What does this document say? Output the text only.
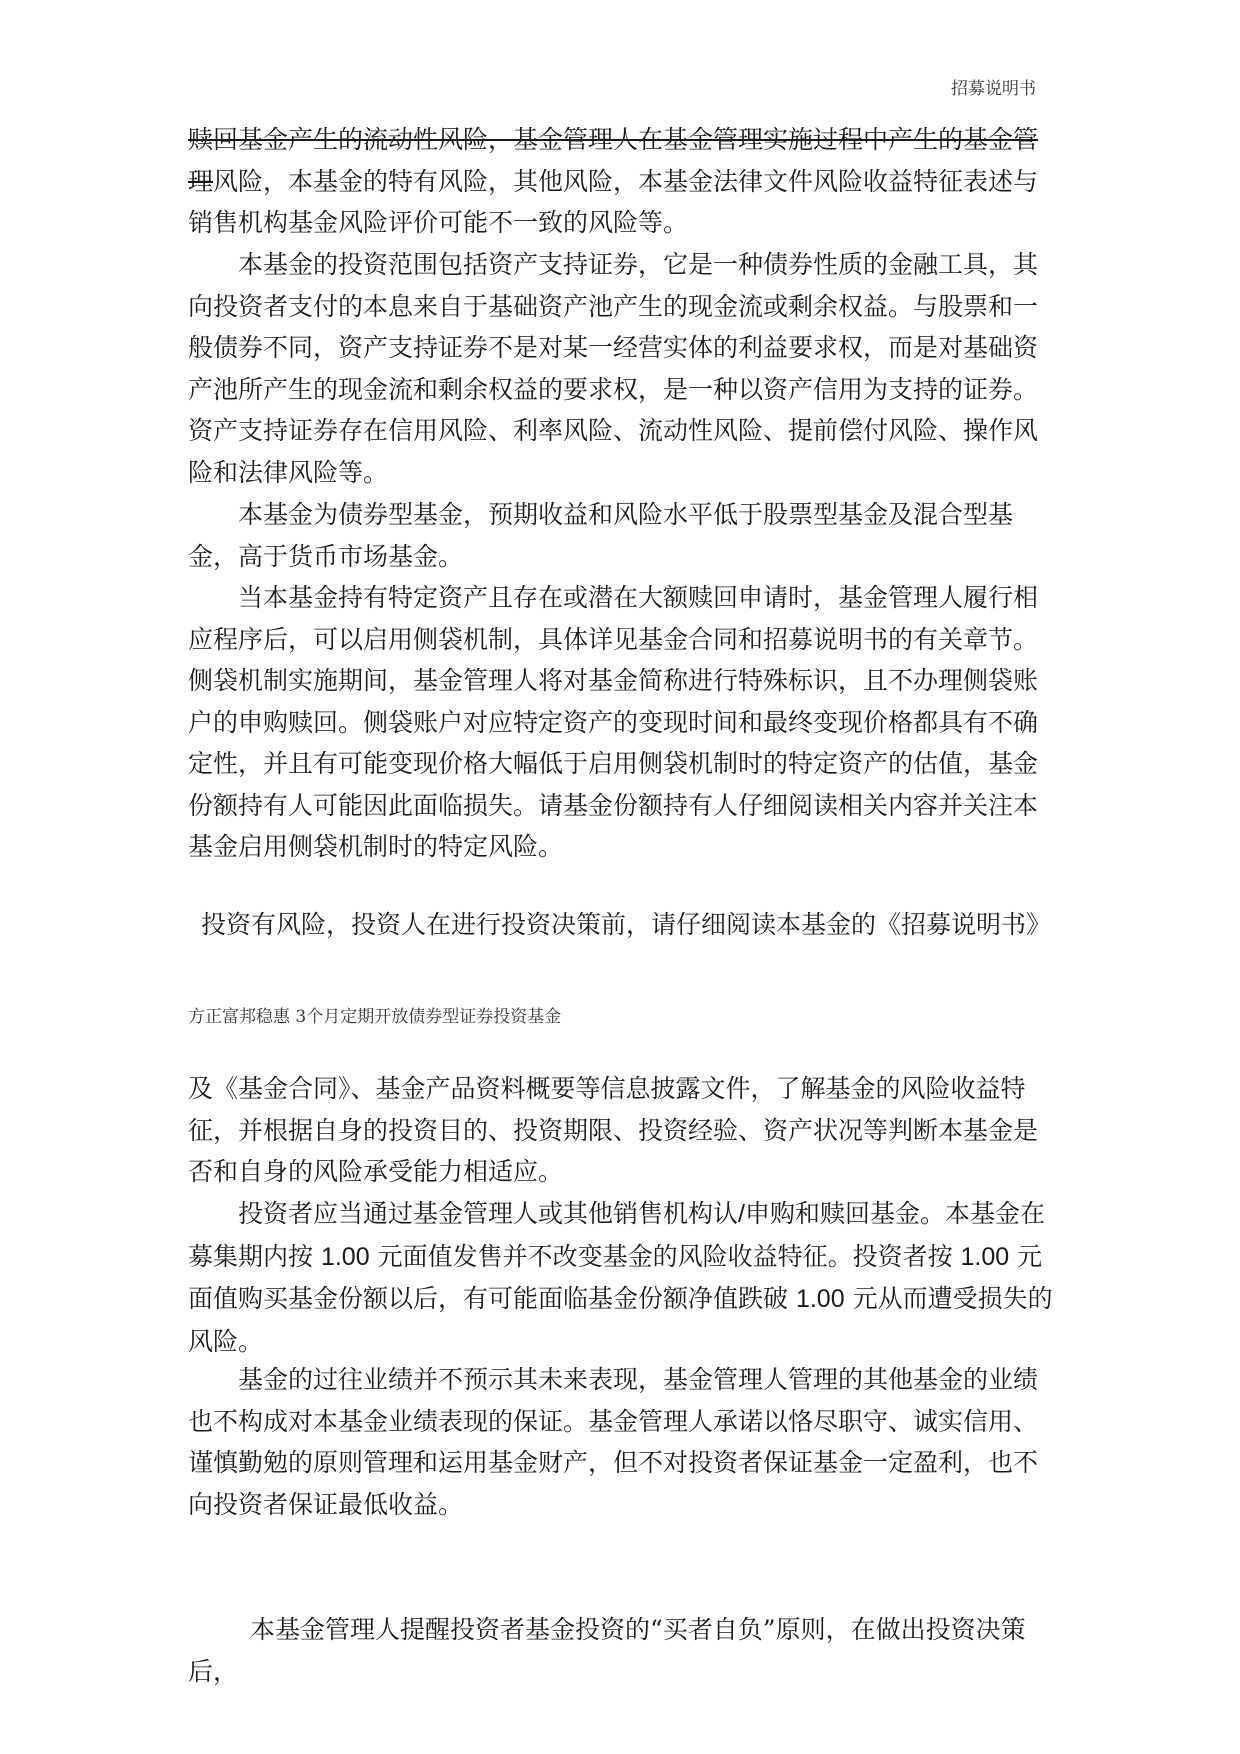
招募说明书

赎回基金产生的流动性风险，基金管理人在基金管理实施过程中产生的基金管理风险，本基金的特有风险，其他风险，本基金法律文件风险收益特征表述与销售机构基金风险评价可能不一致的风险等。

本基金的投资范围包括资产支持证券，它是一种债券性质的金融工具，其向投资者支付的本息来自于基础资产池产生的现金流或剩余权益。与股票和一般债券不同，资产支持证券不是对某一经营实体的利益要求权，而是对基础资产池所产生的现金流和剩余权益的要求权，是一种以资产信用为支持的证券。资产支持证券存在信用风险、利率风险、流动性风险、提前偿付风险、操作风险和法律风险等。

本基金为债券型基金，预期收益和风险水平低于股票型基金及混合型基金，高于货币市场基金。

当本基金持有特定资产且存在或潜在大额赎回申请时，基金管理人履行相应程序后，可以启用侧袋机制，具体详见基金合同和招募说明书的有关章节。侧袋机制实施期间，基金管理人将对基金简称进行特殊标识，且不办理侧袋账户的申购赎回。侧袋账户对应特定资产的变现时间和最终变现价格都具有不确定性，并且有可能变现价格大幅低于启用侧袋机制时的特定资产的估值，基金份额持有人可能因此面临损失。请基金份额持有人仔细阅读相关内容并关注本基金启用侧袋机制时的特定风险。

投资有风险，投资人在进行投资决策前，请仔细阅读本基金的《招募说明书》
方正富邦稳惠 3个月定期开放债券型证券投资基金

及《基金合同》、基金产品资料概要等信息披露文件，了解基金的风险收益特征，并根据自身的投资目的、投资期限、投资经验、资产状况等判断本基金是否和自身的风险承受能力相适应。

投资者应当通过基金管理人或其他销售机构认/申购和赎回基金。本基金在募集期内按 1.00 元面值发售并不改变基金的风险收益特征。投资者按 1.00 元面值购买基金份额以后，有可能面临基金份额净值跌破 1.00 元从而遭受损失的风险。

基金的过往业绩并不预示其未来表现，基金管理人管理的其他基金的业绩也不构成对本基金业绩表现的保证。基金管理人承诺以恪尽职守、诚实信用、谨慎勤勉的原则管理和运用基金财产，但不对投资者保证基金一定盈利，也不向投资者保证最低收益。

本基金管理人提醒投资者基金投资的“买者自负”原则，在做出投资决策后，
